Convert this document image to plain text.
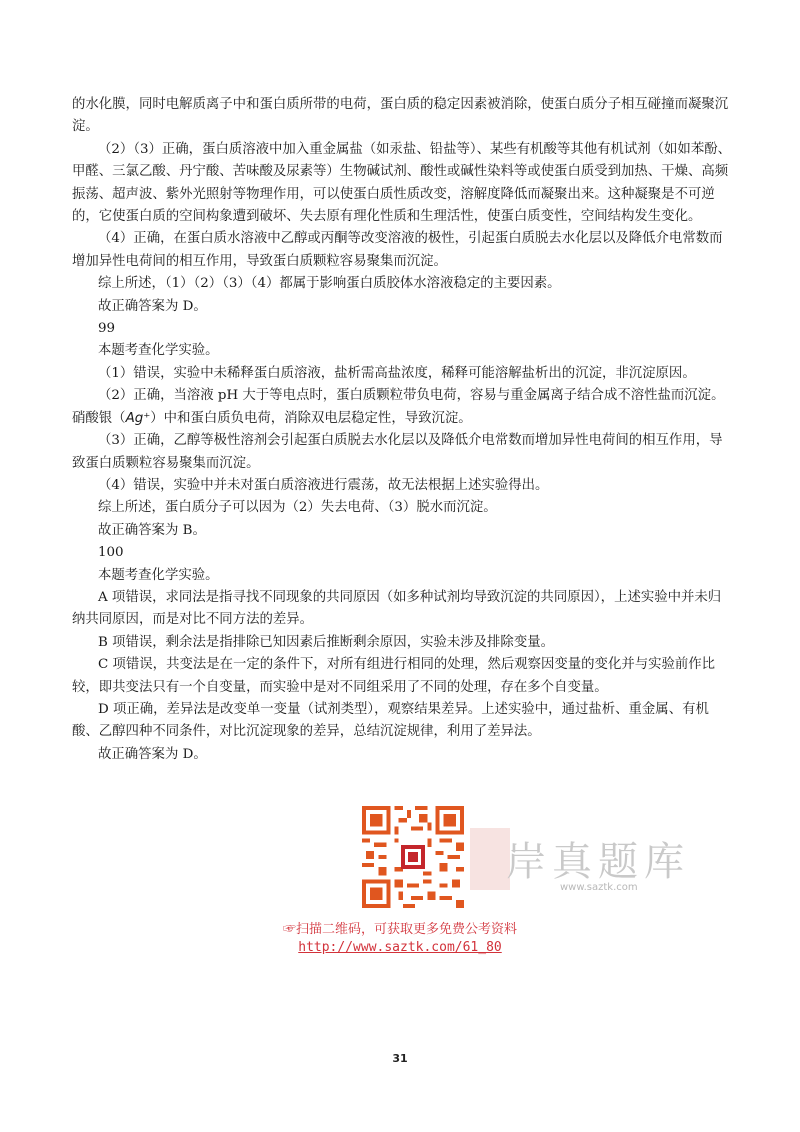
的水化膜，同时电解质离子中和蛋白质所带的电荷，蛋白质的稳定因素被消除，使蛋白质分子相互碰撞而凝聚沉淀。

（2）（3）正确，蛋白质溶液中加入重金属盐（如汞盐、铅盐等）、某些有机酸等其他有机试剂（如如苯酚、甲醛、三氯乙酸、丹宁酸、苦味酸及尿素等）生物碱试剂、酸性或碱性染料等或使蛋白质受到加热、干燥、高频振荡、超声波、紫外光照射等物理作用，可以使蛋白质性质改变，溶解度降低而凝聚出来。这种凝聚是不可逆的，它使蛋白质的空间构象遭到破坏、失去原有理化性质和生理活性，使蛋白质变性，空间结构发生变化。

（4）正确，在蛋白质水溶液中乙醇或丙酮等改变溶液的极性，引起蛋白质脱去水化层以及降低介电常数而增加异性电荷间的相互作用，导致蛋白质颗粒容易聚集而沉淀。

综上所述，（1）（2）（3）（4）都属于影响蛋白质胶体水溶液稳定的主要因素。

故正确答案为 D。

99

本题考查化学实验。

（1）错误，实验中未稀释蛋白质溶液，盐析需高盐浓度，稀释可能溶解盐析出的沉淀，非沉淀原因。

（2）正确，当溶液 pH 大于等电点时，蛋白质颗粒带负电荷，容易与重金属离子结合成不溶性盐而沉淀。硝酸银（Ag⁺）中和蛋白质负电荷，消除双电层稳定性，导致沉淀。

（3）正确，乙醇等极性溶剂会引起蛋白质脱去水化层以及降低介电常数而增加异性电荷间的相互作用，导致蛋白质颗粒容易聚集而沉淀。

（4）错误，实验中并未对蛋白质溶液进行震荡，故无法根据上述实验得出。

综上所述，蛋白质分子可以因为（2）失去电荷、（3）脱水而沉淀。

故正确答案为 B。

100

本题考查化学实验。

A 项错误，求同法是指寻找不同现象的共同原因（如多种试剂均导致沉淀的共同原因），上述实验中并未归纳共同原因，而是对比不同方法的差异。

B 项错误，剩余法是指排除已知因素后推断剩余原因，实验未涉及排除变量。

C 项错误，共变法是在一定的条件下，对所有组进行相同的处理，然后观察因变量的变化并与实验前作比较，即共变法只有一个自变量，而实验中是对不同组采用了不同的处理，存在多个自变量。

D 项正确，差异法是改变单一变量（试剂类型），观察结果差异。上述实验中，通过盐析、重金属、有机酸、乙醇四种不同条件，对比沉淀现象的差异，总结沉淀规律，利用了差异法。

故正确答案为 D。

岸真题库
www.saztk.com
☞扫描二维码，可获取更多免费公考资料
http://www.saztk.com/61_80
31
